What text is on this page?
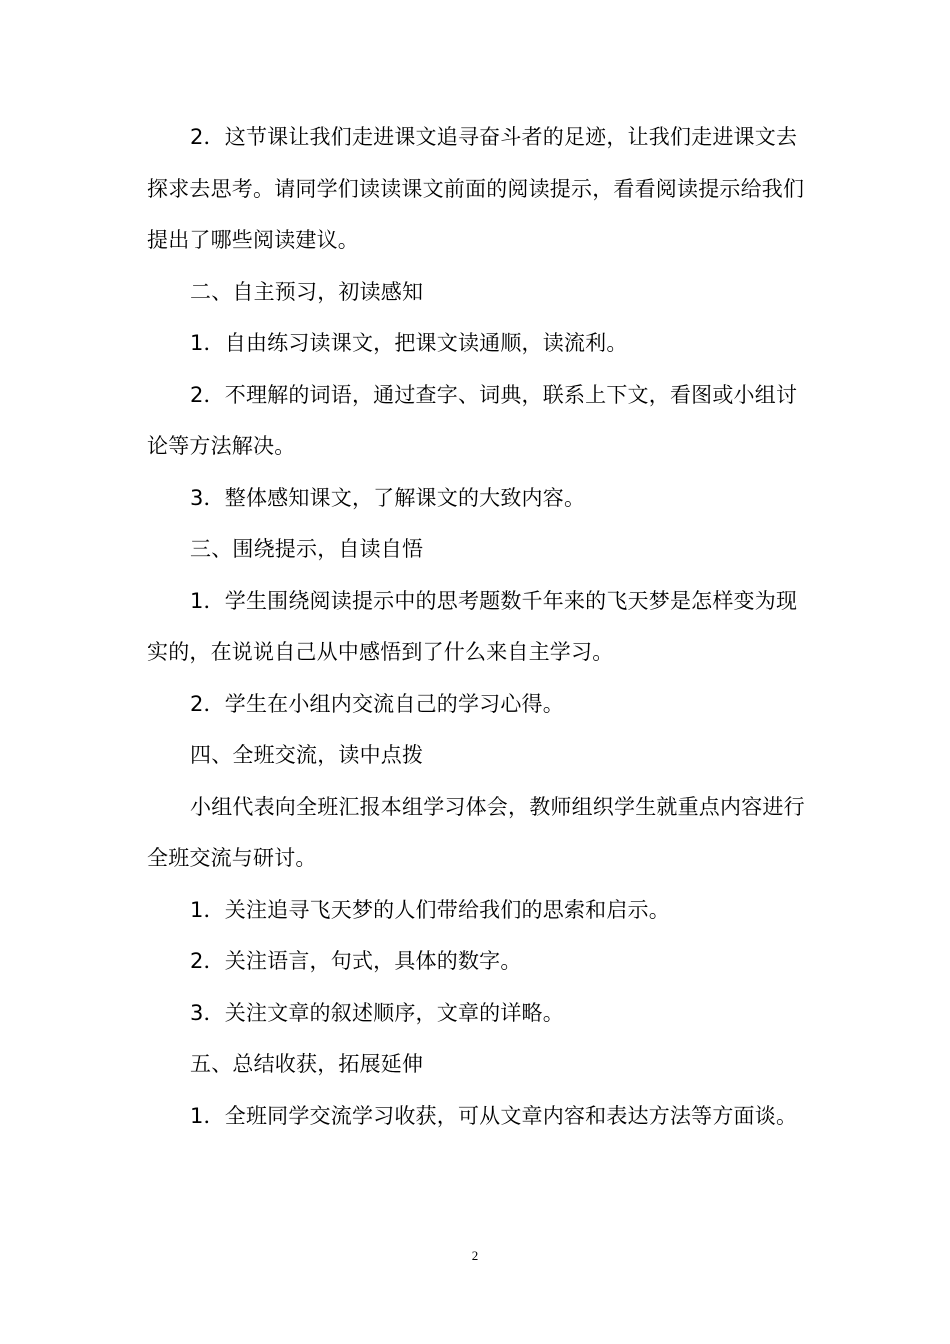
2．这节课让我们走进课文追寻奋斗者的足迹，让我们走进课文去探求去思考。请同学们读读课文前面的阅读提示，看看阅读提示给我们提出了哪些阅读建议。

二、自主预习，初读感知

1．自由练习读课文，把课文读通顺，读流利。

2．不理解的词语，通过查字、词典，联系上下文，看图或小组讨论等方法解决。

3．整体感知课文，了解课文的大致内容。

三、围绕提示，自读自悟

1．学生围绕阅读提示中的思考题数千年来的飞天梦是怎样变为现实的，在说说自己从中感悟到了什么来自主学习。

2．学生在小组内交流自己的学习心得。

四、全班交流，读中点拨

小组代表向全班汇报本组学习体会，教师组织学生就重点内容进行全班交流与研讨。

1．关注追寻飞天梦的人们带给我们的思索和启示。

2．关注语言，句式，具体的数字。

3．关注文章的叙述顺序，文章的详略。

五、总结收获，拓展延伸

1．全班同学交流学习收获，可从文章内容和表达方法等方面谈。

2
